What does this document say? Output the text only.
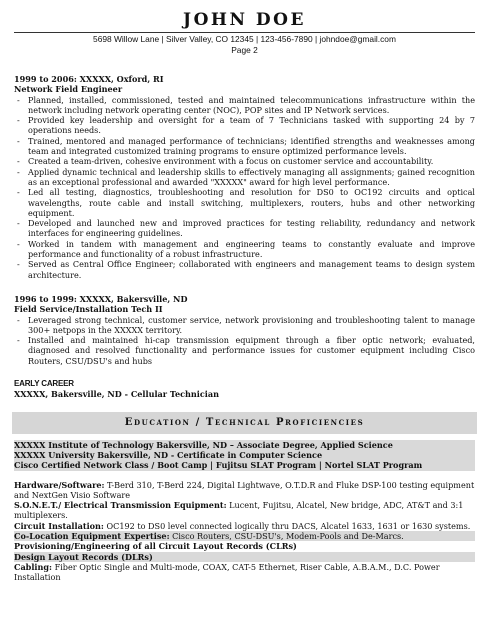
JOHN DOE
5698 Willow Lane | Silver Valley, CO 12345 | 123-456-7890 | johndoe@gmail.com
Page 2
1999 to 2006: XXXXX, Oxford, RI
Network Field Engineer
- Planned, installed, commissioned, tested and maintained telecommunications infrastructure within the network including network operating center (NOC), POP sites and IP Network services.
- Provided key leadership and oversight for a team of 7 Technicians tasked with supporting 24 by 7 operations needs.
- Trained, mentored and managed performance of technicians; identified strengths and weaknesses among team and integrated customized training programs to ensure optimized performance levels.
- Created a team-driven, cohesive environment with a focus on customer service and accountability.
- Applied dynamic technical and leadership skills to effectively managing all assignments; gained recognition as an exceptional professional and awarded "XXXXX" award for high level performance.
- Led all testing, diagnostics, troubleshooting and resolution for DS0 to OC192 circuits and optical wavelengths, route cable and install switching, multiplexers, routers, hubs and other networking equipment.
- Developed and launched new and improved practices for testing reliability, redundancy and network interfaces for engineering guidelines.
- Worked in tandem with management and engineering teams to constantly evaluate and improve performance and functionality of a robust infrastructure.
- Served as Central Office Engineer; collaborated with engineers and management teams to design system architecture.
1996 to 1999: XXXXX, Bakersville, ND
Field Service/Installation Tech II
- Leveraged strong technical, customer service, network provisioning and troubleshooting talent to manage 300+ netpops in the XXXXX territory.
- Installed and maintained hi-cap transmission equipment through a fiber optic network; evaluated, diagnosed and resolved functionality and performance issues for customer equipment including Cisco Routers, CSU/DSU's and hubs
EARLY CAREER
XXXXX, Bakersville, ND - Cellular Technician
Education / Technical Proficiencies
XXXXX Institute of Technology Bakersville, ND – Associate Degree, Applied Science
XXXXX University Bakersville, ND - Certificate in Computer Science
Cisco Certified Network Class / Boot Camp | Fujitsu SLAT Program | Nortel SLAT Program
Hardware/Software: T-Berd 310, T-Berd 224, Digital Lightwave, O.T.D.R and Fluke DSP-100 testing equipment and NextGen Visio Software
S.O.N.E.T./ Electrical Transmission Equipment: Lucent, Fujitsu, Alcatel, New bridge, ADC, AT&T and 3:1 multiplexers.
Circuit Installation: OC192 to DS0 level connected logically thru DACS, Alcatel 1633, 1631 or 1630 systems.
Co-Location Equipment Expertise: Cisco Routers, CSU-DSU's, Modem-Pools and De-Marcs.
Provisioning/Engineering of all Circuit Layout Records (CLRs)
Design Layout Records (DLRs)
Cabling: Fiber Optic Single and Multi-mode, COAX, CAT-5 Ethernet, Riser Cable, A.B.A.M., D.C. Power Installation
